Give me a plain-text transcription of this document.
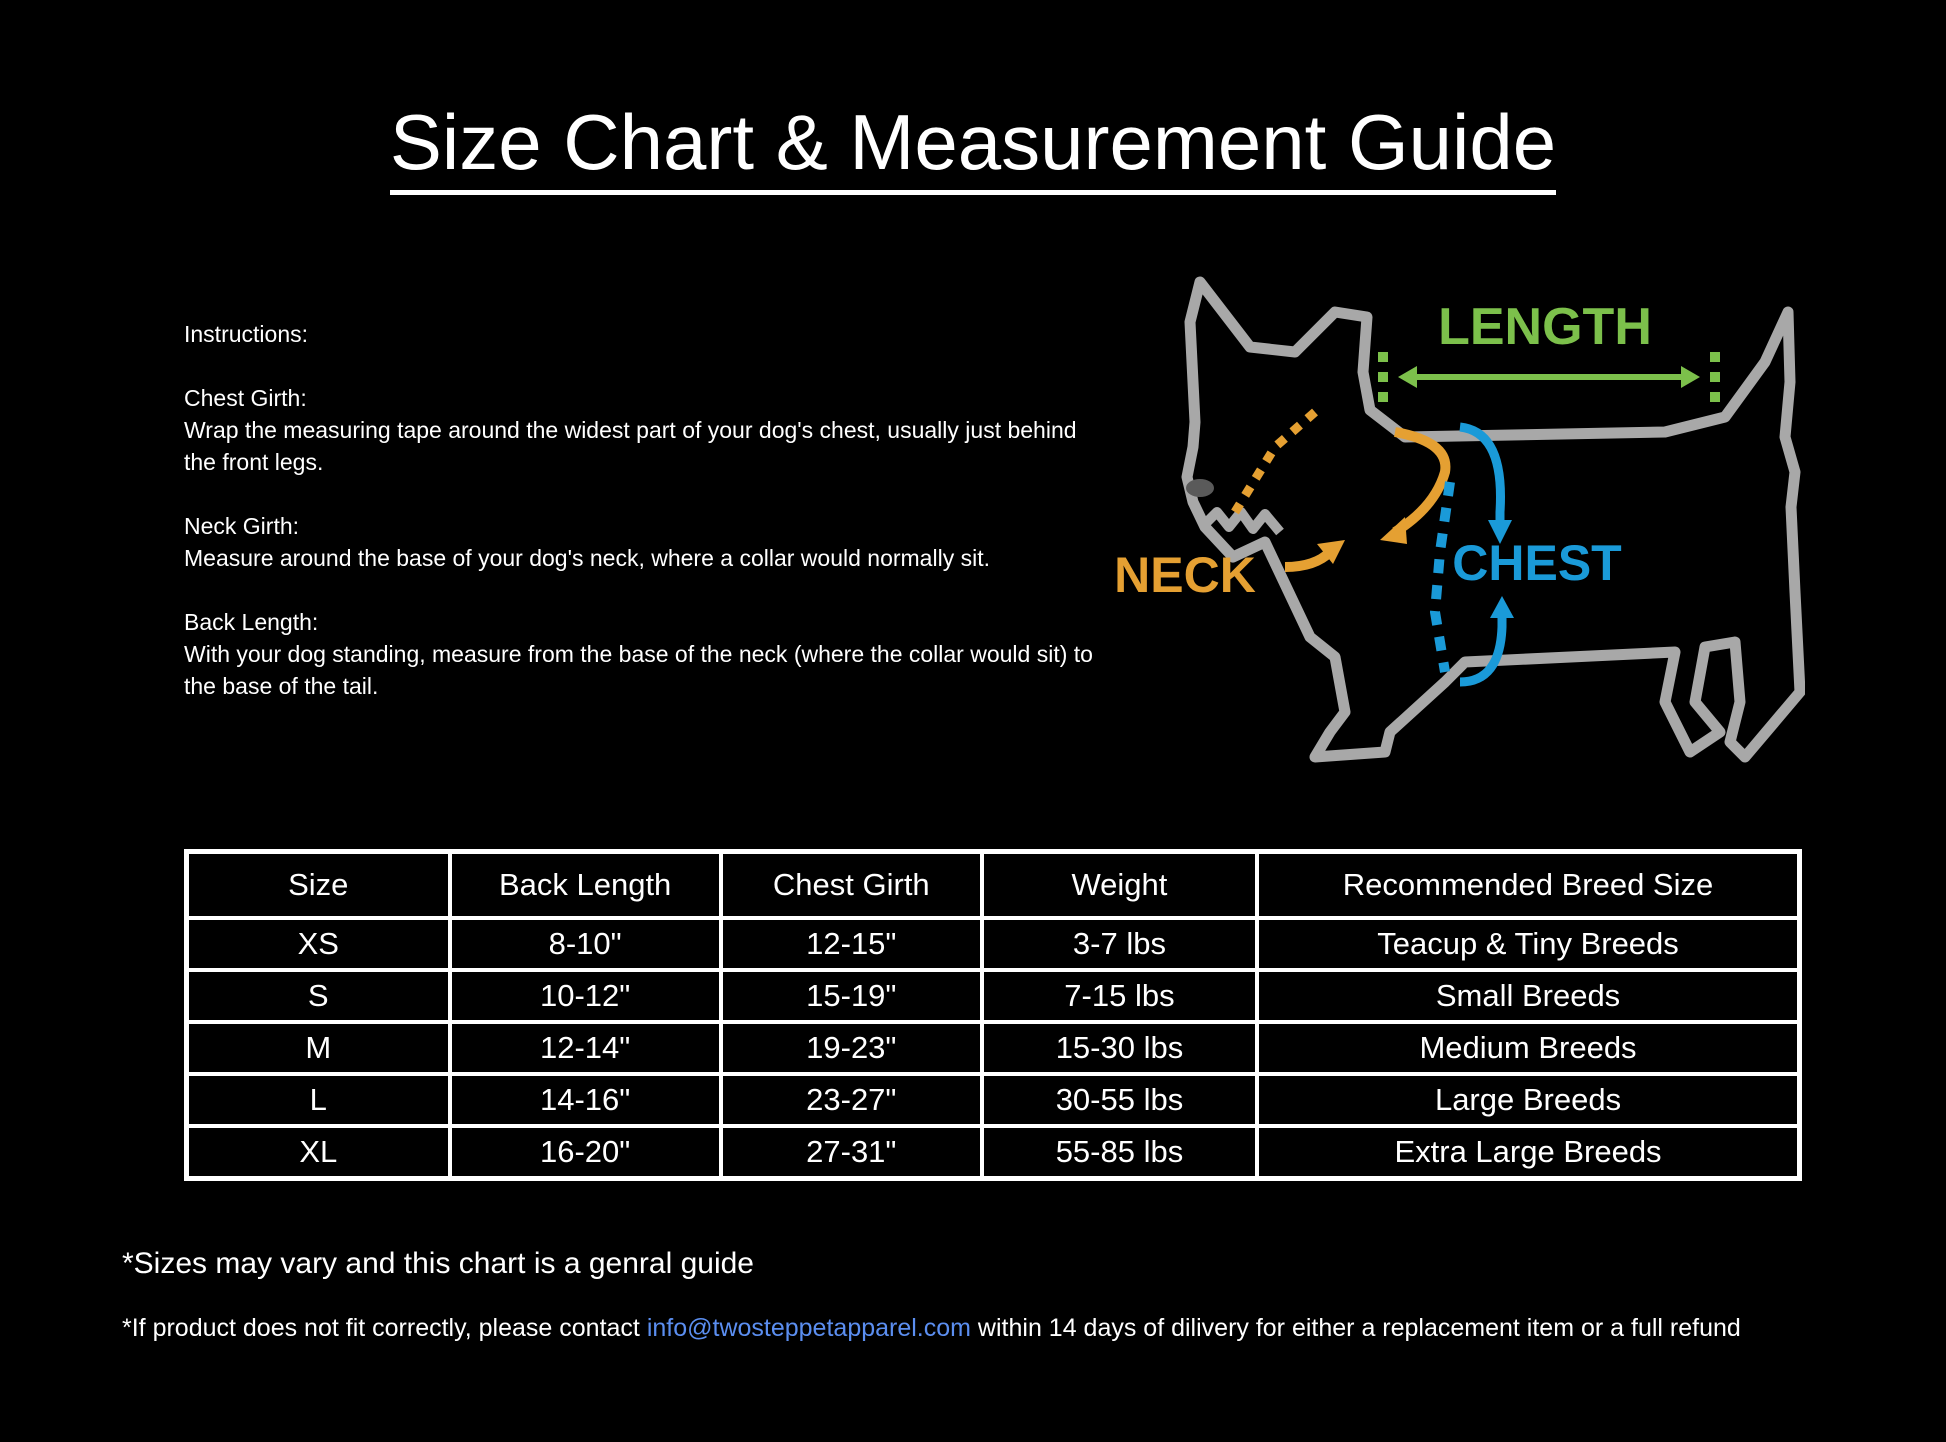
Size Chart & Measurement Guide
Instructions:
Chest Girth:
Wrap the measuring tape around the widest part of your dog's chest, usually just behind the front legs.
Neck Girth:
Measure around the base of your dog's neck, where a collar would normally sit.
Back Length:
With your dog standing, measure from the base of the neck (where the collar would sit) to the base of the tail.
LENGTH
NECK	CHEST
Size	Back Length	Chest Girth	Weight	Recommended Breed Size
XS	8-10"	12-15"	3-7 lbs	Teacup & Tiny Breeds
S	10-12"	15-19"	7-15 lbs	Small Breeds
M	12-14"	19-23"	15-30 lbs	Medium Breeds
L	14-16"	23-27"	30-55 lbs	Large Breeds
XL	16-20"	27-31"	55-85 lbs	Extra Large Breeds
*Sizes may vary and this chart is a genral guide
*If product does not fit correctly, please contact info@twosteppetapparel.com within 14 days of dilivery for either a replacement item or a full refund
